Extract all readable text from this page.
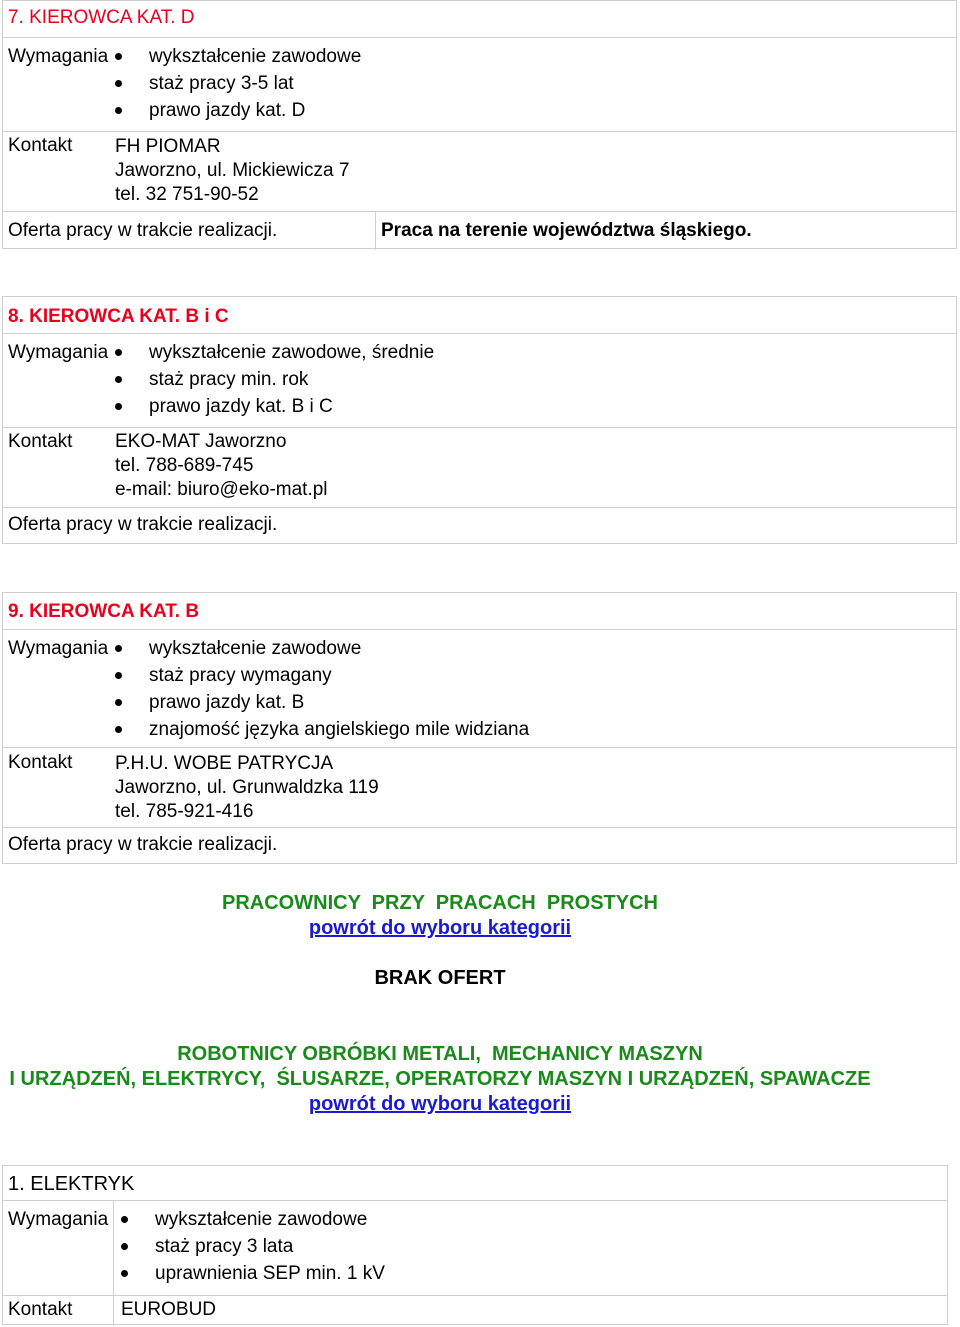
7. KIEROWCA KAT. D
Wymagania	wykształcenie zawodowe
staż pracy 3-5 lat
prawo jazdy kat. D
Kontakt FH PIOMAR
Jaworzno, ul. Mickiewicza 7
tel. 32 751-90-52
Oferta pracy w trakcie realizacji.	Praca na terenie województwa śląskiego.
8. KIEROWCA KAT. B i C
Wymagania	wykształcenie zawodowe, średnie
staż pracy min. rok
prawo jazdy kat. B i C
Kontakt EKO-MAT Jaworzno
tel. 788-689-745
e-mail: biuro@eko-mat.pl
Oferta pracy w trakcie realizacji.
9. KIEROWCA KAT. B
Wymagania	wykształcenie zawodowe
staż pracy wymagany
prawo jazdy kat. B
znajomość języka angielskiego mile widziana
Kontakt P.H.U. WOBE PATRYCJA
Jaworzno, ul. Grunwaldzka 119
tel. 785-921-416
Oferta pracy w trakcie realizacji.
PRACOWNICY  PRZY  PRACACH  PROSTYCH
powrót do wyboru kategorii
BRAK OFERT
ROBOTNICY OBRÓBKI METALI,  MECHANICY MASZYN
I URZĄDZEŃ, ELEKTRYCY,  ŚLUSARZE, OPERATORZY MASZYN I URZĄDZEŃ, SPAWACZE
powrót do wyboru kategorii
1. ELEKTRYK
Wymagania	wykształcenie zawodowe
staż pracy 3 lata
uprawnienia SEP min. 1 kV
Kontakt	EUROBUD
